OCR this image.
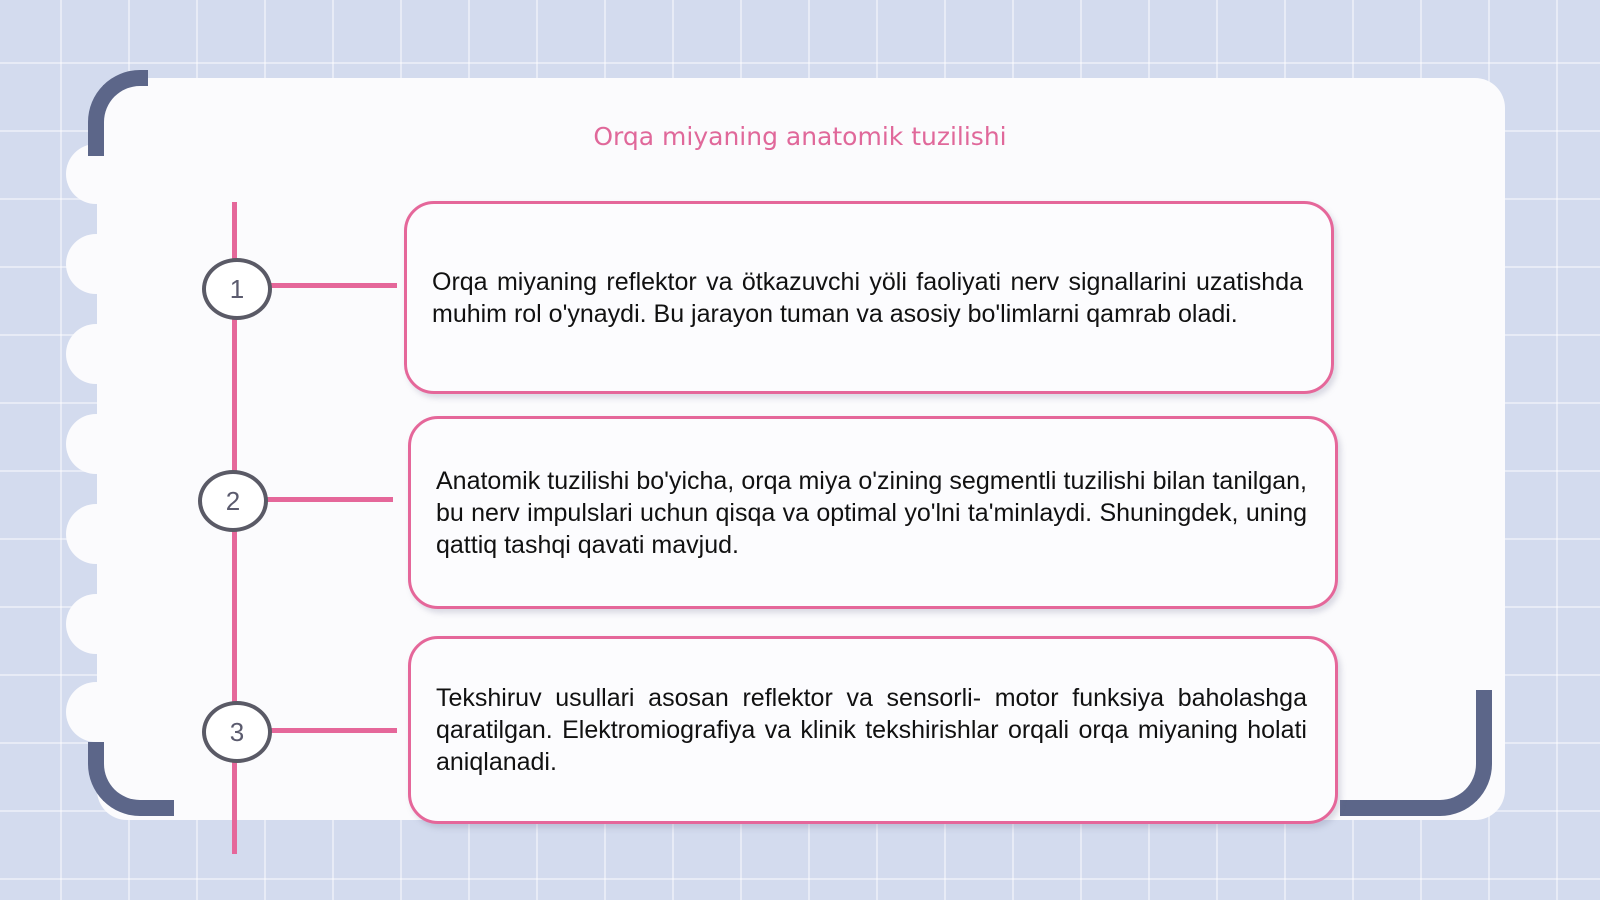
Orqa miyaning anatomik tuzilishi
1
2
3

Orqa miyaning reflektor va ötkazuvchi yöli faoliyati nerv signallarini uzatishda muhim rol o'ynaydi. Bu jarayon tuman va asosiy bo'limlarni qamrab oladi.

Anatomik tuzilishi bo'yicha, orqa miya o'zining segmentli tuzilishi bilan tanilgan, bu nerv impulslari uchun qisqa va optimal yo'lni ta'minlaydi. Shuningdek, uning qattiq tashqi qavati mavjud.

Tekshiruv usullari asosan reflektor va sensorli- motor funksiya baholashga qaratilgan. Elektromiografiya va klinik tekshirishlar orqali orqa miyaning holati aniqlanadi.
